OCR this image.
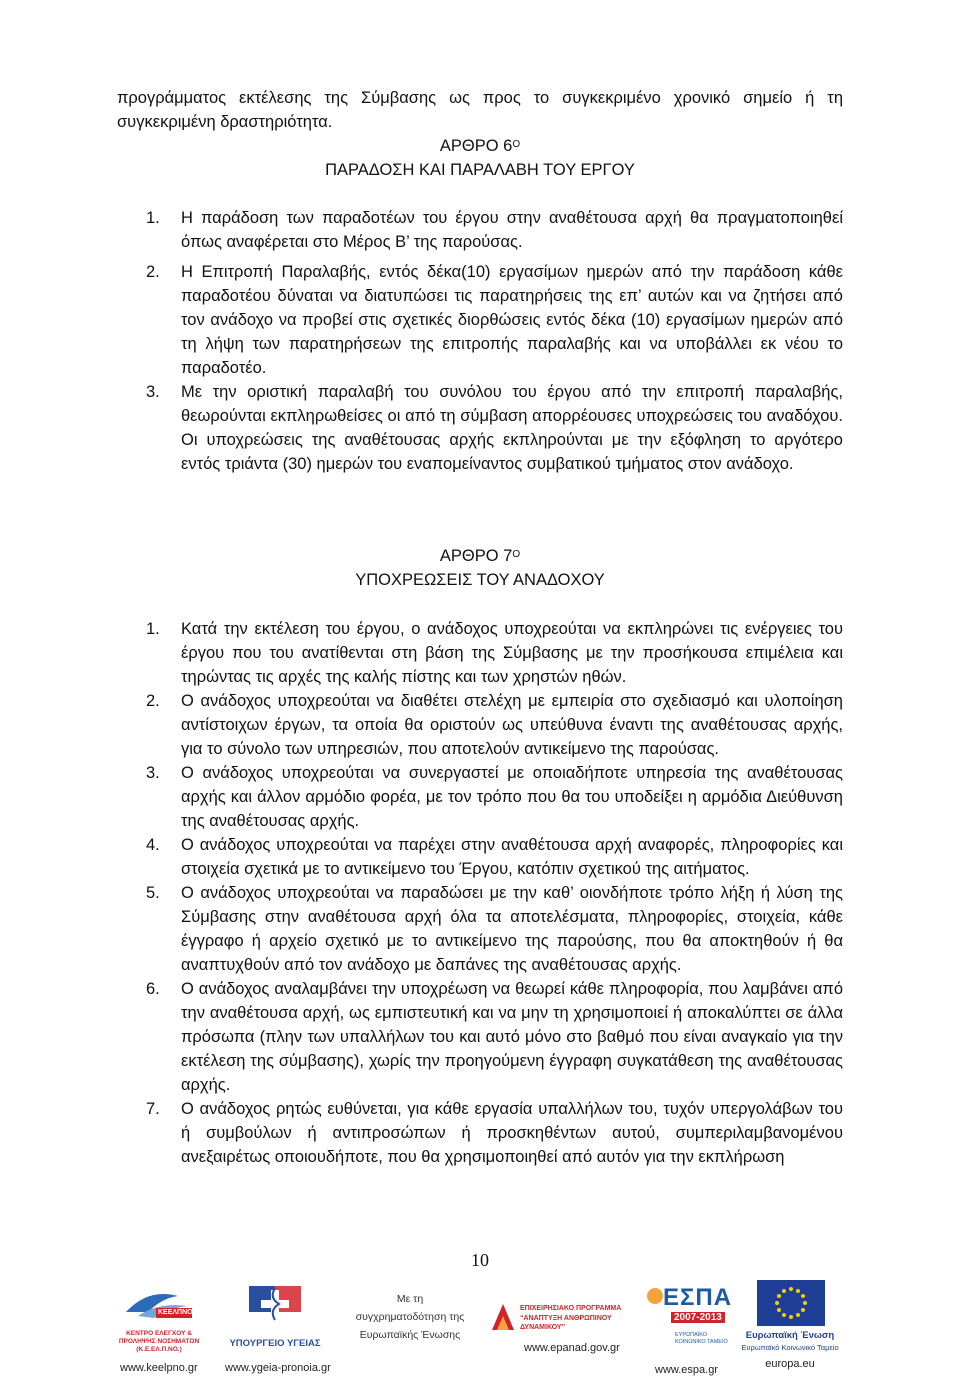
προγράμματος εκτέλεσης της Σύμβασης ως προς το συγκεκριμένο χρονικό σημείο ή τη συγκεκριμένη δραστηριότητα.
ΑΡΘΡΟ $6^O$
ΠΑΡΑΔΟΣΗ ΚΑΙ ΠΑΡΑΛΑΒΗ ΤΟΥ ΕΡΓΟΥ
1. Η παράδοση των παραδοτέων του έργου στην αναθέτουσα αρχή θα πραγματοποιηθεί όπως αναφέρεται στο Μέρος Β’ της παρούσας.
2. Η Επιτροπή Παραλαβής, εντός δέκα(10) εργασίμων ημερών από την παράδοση κάθε παραδοτέου δύναται να διατυπώσει τις παρατηρήσεις της επ’ αυτών και να ζητήσει από τον ανάδοχο να προβεί στις σχετικές διορθώσεις εντός δέκα (10) εργασίμων ημερών από τη λήψη των παρατηρήσεων της επιτροπής παραλαβής και να υποβάλλει εκ νέου το παραδοτέο.
3. Με την οριστική παραλαβή του συνόλου του έργου από την επιτροπή παραλαβής, θεωρούνται εκπληρωθείσες οι από τη σύμβαση απορρέουσες υποχρεώσεις του αναδόχου. Οι υποχρεώσεις της αναθέτουσας αρχής εκπληρούνται με την εξόφληση το αργότερο εντός τριάντα (30) ημερών του εναπομείναντος συμβατικού τμήματος στον ανάδοχο.
ΑΡΘΡΟ $7^O$
ΥΠΟΧΡΕΩΣΕΙΣ ΤΟΥ ΑΝΑΔΟΧΟΥ
1. Κατά την εκτέλεση του έργου, ο ανάδοχος υποχρεούται να εκπληρώνει τις ενέργειες του έργου που του ανατίθενται στη βάση της Σύμβασης με την προσήκουσα επιμέλεια και τηρώντας τις αρχές της καλής πίστης και των χρηστών ηθών.
2. Ο ανάδοχος υποχρεούται να διαθέτει στελέχη με εμπειρία στο σχεδιασμό και υλοποίηση αντίστοιχων έργων, τα οποία θα οριστούν ως υπεύθυνα έναντι της αναθέτουσας αρχής, για το σύνολο των υπηρεσιών, που αποτελούν αντικείμενο της παρούσας.
3. Ο ανάδοχος υποχρεούται να συνεργαστεί με οποιαδήποτε υπηρεσία της αναθέτουσας αρχής και άλλον αρμόδιο φορέα, με τον τρόπο που θα του υποδείξει η αρμόδια Διεύθυνση της αναθέτουσας αρχής.
4. Ο ανάδοχος υποχρεούται να παρέχει στην αναθέτουσα αρχή αναφορές, πληροφορίες και στοιχεία σχετικά με το αντικείμενο του Έργου, κατόπιν σχετικού της αιτήματος.
5. Ο ανάδοχος υποχρεούται να παραδώσει με την καθ’ οιονδήποτε τρόπο λήξη ή λύση της Σύμβασης στην αναθέτουσα αρχή όλα τα αποτελέσματα, πληροφορίες, στοιχεία, κάθε έγγραφο ή αρχείο σχετικό με το αντικείμενο της παρούσης, που θα αποκτηθούν ή θα αναπτυχθούν από τον ανάδοχο με δαπάνες της αναθέτουσας αρχής.
6. Ο ανάδοχος αναλαμβάνει την υποχρέωση να θεωρεί κάθε πληροφορία, που λαμβάνει από την αναθέτουσα αρχή, ως εμπιστευτική και να μην τη χρησιμοποιεί ή αποκαλύπτει σε άλλα πρόσωπα (πλην των υπαλλήλων του και αυτό μόνο στο βαθμό που είναι αναγκαίο για την εκτέλεση της σύμβασης), χωρίς την προηγούμενη έγγραφη συγκατάθεση της αναθέτουσας αρχής.
7. Ο ανάδοχος ρητώς ευθύνεται, για κάθε εργασία υπαλλήλων του, τυχόν υπεργολάβων του ή συμβούλων ή αντιπροσώπων ή προσκηθέντων αυτού, συμπεριλαμβανομένου ανεξαιρέτως οποιουδήποτε, που θα χρησιμοποιηθεί από αυτόν για την εκπλήρωση
10
ΚΕΕΛΠΝΟ
ΚΕΝΤΡΟ ΕΛΕΓΧΟΥ & ΠΡΟΛΗΨΗΣ ΝΟΣΗΜΑΤΩΝ (Κ.Ε.ΕΛ.Π.ΝΟ.)
www.keelpno.gr
ΥΠΟΥΡΓΕΙΟ ΥΓΕΙΑΣ
www.ygeia-pronoia.gr
Με τη
συγχρηματοδότηση της
Ευρωπαϊκής Ένωσης
ΕΠΙΧΕΙΡΗΣΙΑΚΟ ΠΡΟΓΡΑΜΜΑ
“ΑΝΑΠΤΥΞΗ ΑΝΘΡΩΠΙΝΟΥ ΔΥΝΑΜΙΚΟΥ”
www.epanad.gov.gr
ΕΣΠΑ
2007-2013
ΕΥΡΩΠΑΪΚΟ ΚΟΙΝΩΝΙΚΟ ΤΑΜΕΙΟ
www.espa.gr
Ευρωπαϊκή Ένωση
Ευρωπαϊκό Κοινωνικό Ταμείο
europa.eu
